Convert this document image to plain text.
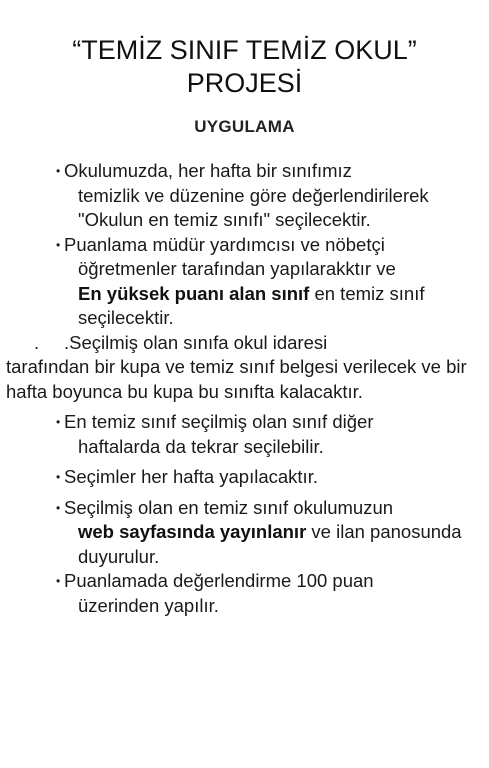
“TEMİZ SINIF TEMİZ OKUL”
PROJESİ
UYGULAMA
• Okulumuzda, her hafta bir sınıfımız
temizlik ve düzenine göre değerlendirilerek "Okulun en temiz sınıfı" seçilecektir.
• Puanlama müdür yardımcısı ve nöbetçi
öğretmenler tarafından yapılarakktır ve
En yüksek puanı alan sınıf en temiz sınıf seçilecektir.
. .Seçilmiş olan sınıfa okul idaresi
tarafından bir kupa ve temiz sınıf belgesi verilecek ve bir hafta boyunca bu kupa bu sınıfta kalacaktır.
• En temiz sınıf seçilmiş olan sınıf diğer
haftalarda da tekrar seçilebilir.
• Seçimler her hafta yapılacaktır.
• Seçilmiş olan en temiz sınıf okulumuzun
web sayfasında yayınlanır ve ilan panosunda duyurulur.
• Puanlamada değerlendirme 100 puan
üzerinden yapılır.
